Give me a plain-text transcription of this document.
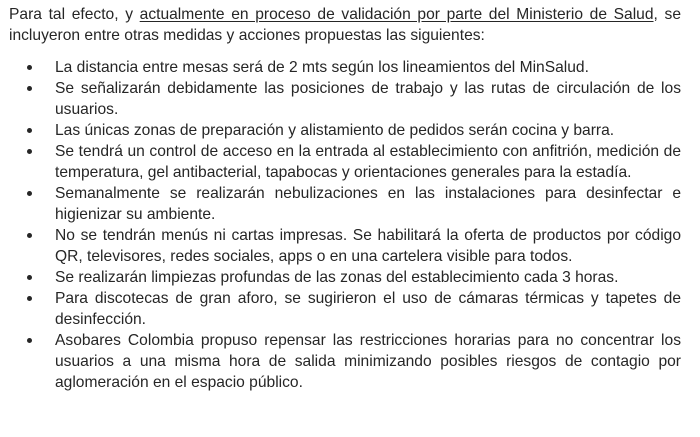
Para tal efecto, y actualmente en proceso de validación por parte del Ministerio de Salud, se incluyeron entre otras medidas y acciones propuestas las siguientes:

La distancia entre mesas será de 2 mts según los lineamientos del MinSalud.
Se señalizarán debidamente las posiciones de trabajo y las rutas de circulación de los usuarios.
Las únicas zonas de preparación y alistamiento de pedidos serán cocina y barra.
Se tendrá un control de acceso en la entrada al establecimiento con anfitrión, medición de temperatura, gel antibacterial, tapabocas y orientaciones generales para la estadía.
Semanalmente se realizarán nebulizaciones en las instalaciones para desinfectar e higienizar su ambiente.
No se tendrán menús ni cartas impresas. Se habilitará la oferta de productos por código QR, televisores, redes sociales, apps o en una cartelera visible para todos.
Se realizarán limpiezas profundas de las zonas del establecimiento cada 3 horas.
Para discotecas de gran aforo, se sugirieron el uso de cámaras térmicas y tapetes de desinfección.
Asobares Colombia propuso repensar las restricciones horarias para no concentrar los usuarios a una misma hora de salida minimizando posibles riesgos de contagio por aglomeración en el espacio público.
